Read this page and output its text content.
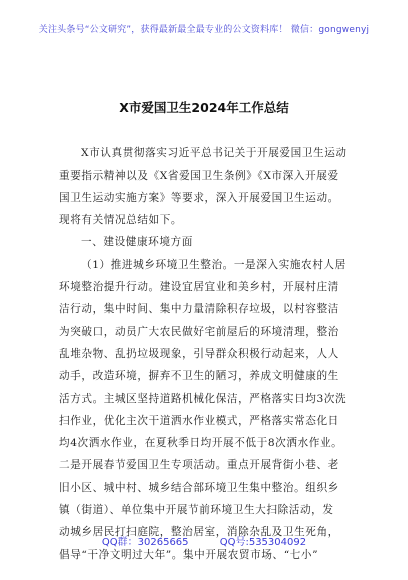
关注头条号“公文研究”，获得最新最全最专业的公文资料库！ 微信：gongwenyj
X市爱国卫生2024年工作总结
X市认真贯彻落实习近平总书记关于开展爱国卫生运动
重要指示精神以及《X省爱国卫生条例》《X市深入开展爱
国卫生运动实施方案》等要求，深入开展爱国卫生运动。
现将有关情况总结如下。
一、建设健康环境方面
（1）推进城乡环境卫生整治。一是深入实施农村人居
环境整治提升行动。建设宜居宜业和美乡村，开展村庄清
洁行动，集中时间、集中力量清除积存垃圾，以村容整洁
为突破口，动员广大农民做好宅前屋后的环境清理，整治
乱堆杂物、乱扔垃圾现象，引导群众积极行动起来，人人
动手，改造环境，摒弃不卫生的陋习，养成文明健康的生
活方式。主城区坚持道路机械化保洁，严格落实日均3次洗
扫作业，优化主次干道洒水作业模式，严格落实常态化日
均4次洒水作业，在夏秋季日均开展不低于8次洒水作业。
二是开展春节爱国卫生专项活动。重点开展背街小巷、老
旧小区、城中村、城乡结合部环境卫生集中整治。组织乡
镇（街道）、单位集中开展节前环境卫生大扫除活动，发
动城乡居民打扫庭院，整治居室，消除杂乱及卫生死角，
倡导“干净文明过大年”。集中开展农贸市场、“七小”
QQ群：30265665	QQ号:535304092
